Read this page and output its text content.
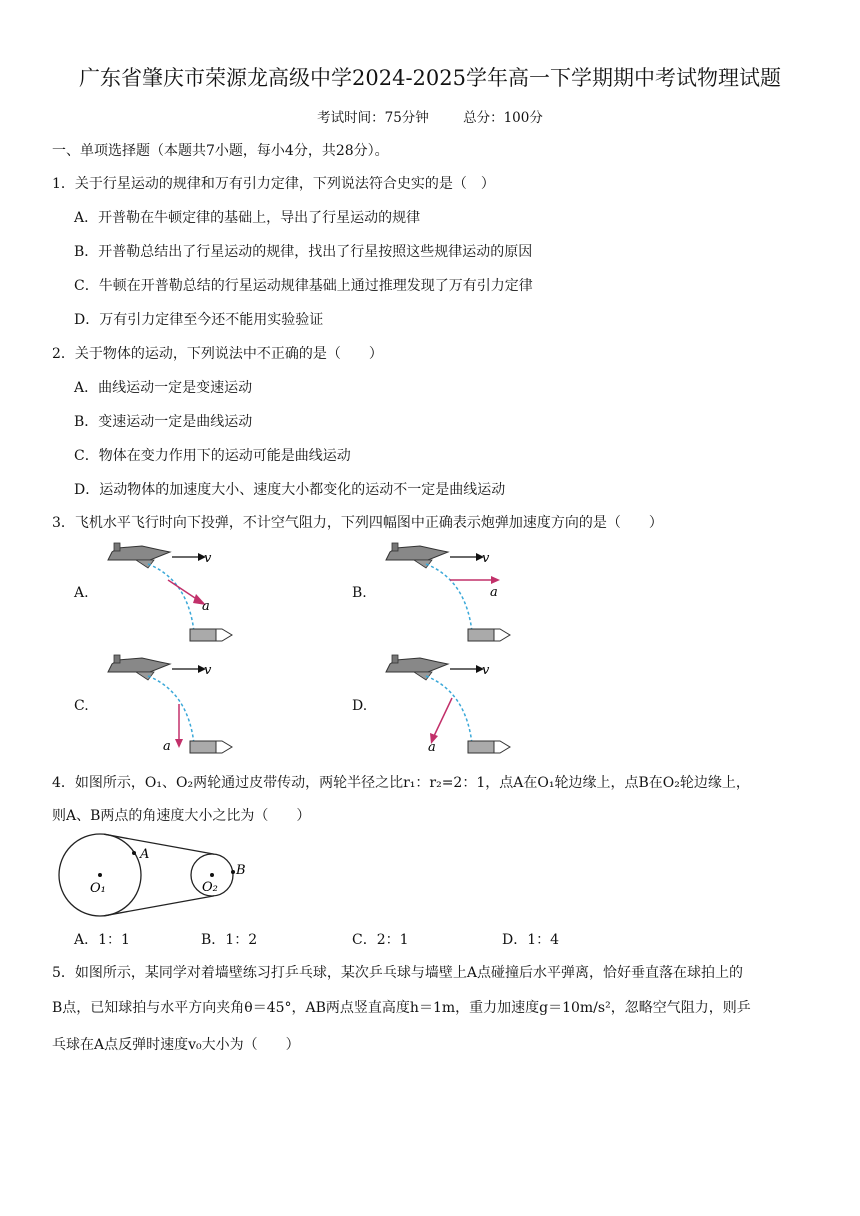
广东省肇庆市荣源龙高级中学2024-2025学年高一下学期期中考试物理试题
考试时间：75分钟	总分：100分
一、单项选择题（本题共7小题，每小4分，共28分）。
1．关于行星运动的规律和万有引力定律，下列说法符合史实的是（　）
A．开普勒在牛顿定律的基础上，导出了行星运动的规律
B．开普勒总结出了行星运动的规律，找出了行星按照这些规律运动的原因
C．牛顿在开普勒总结的行星运动规律基础上通过推理发现了万有引力定律
D．万有引力定律至今还不能用实验验证
2．关于物体的运动，下列说法中不正确的是（　　）
A．曲线运动一定是变速运动
B．变速运动一定是曲线运动
C．物体在变力作用下的运动可能是曲线运动
D．运动物体的加速度大小、速度大小都变化的运动不一定是曲线运动
3．飞机水平飞行时向下投弹，不计空气阻力，下列四幅图中正确表示炮弹加速度方向的是（　　）
A.	B.
C.	D.
v
a
v
a
v
a
v
a
4．如图所示，O₁、O₂两轮通过皮带传动，两轮半径之比r₁：r₂=2：1，点A在O₁轮边缘上，点B在O₂轮边缘上，
则A、B两点的角速度大小之比为（　　）
A
B
O₁	O₂
A．1：1	B．1：2	C．2：1	D．1：4
5．如图所示，某同学对着墙壁练习打乒乓球，某次乒乓球与墙壁上A点碰撞后水平弹离，恰好垂直落在球拍上的
B点，已知球拍与水平方向夹角θ＝45°，AB两点竖直高度h＝1m，重力加速度g＝10m/s²，忽略空气阻力，则乒
乓球在A点反弹时速度v₀大小为（　　）
